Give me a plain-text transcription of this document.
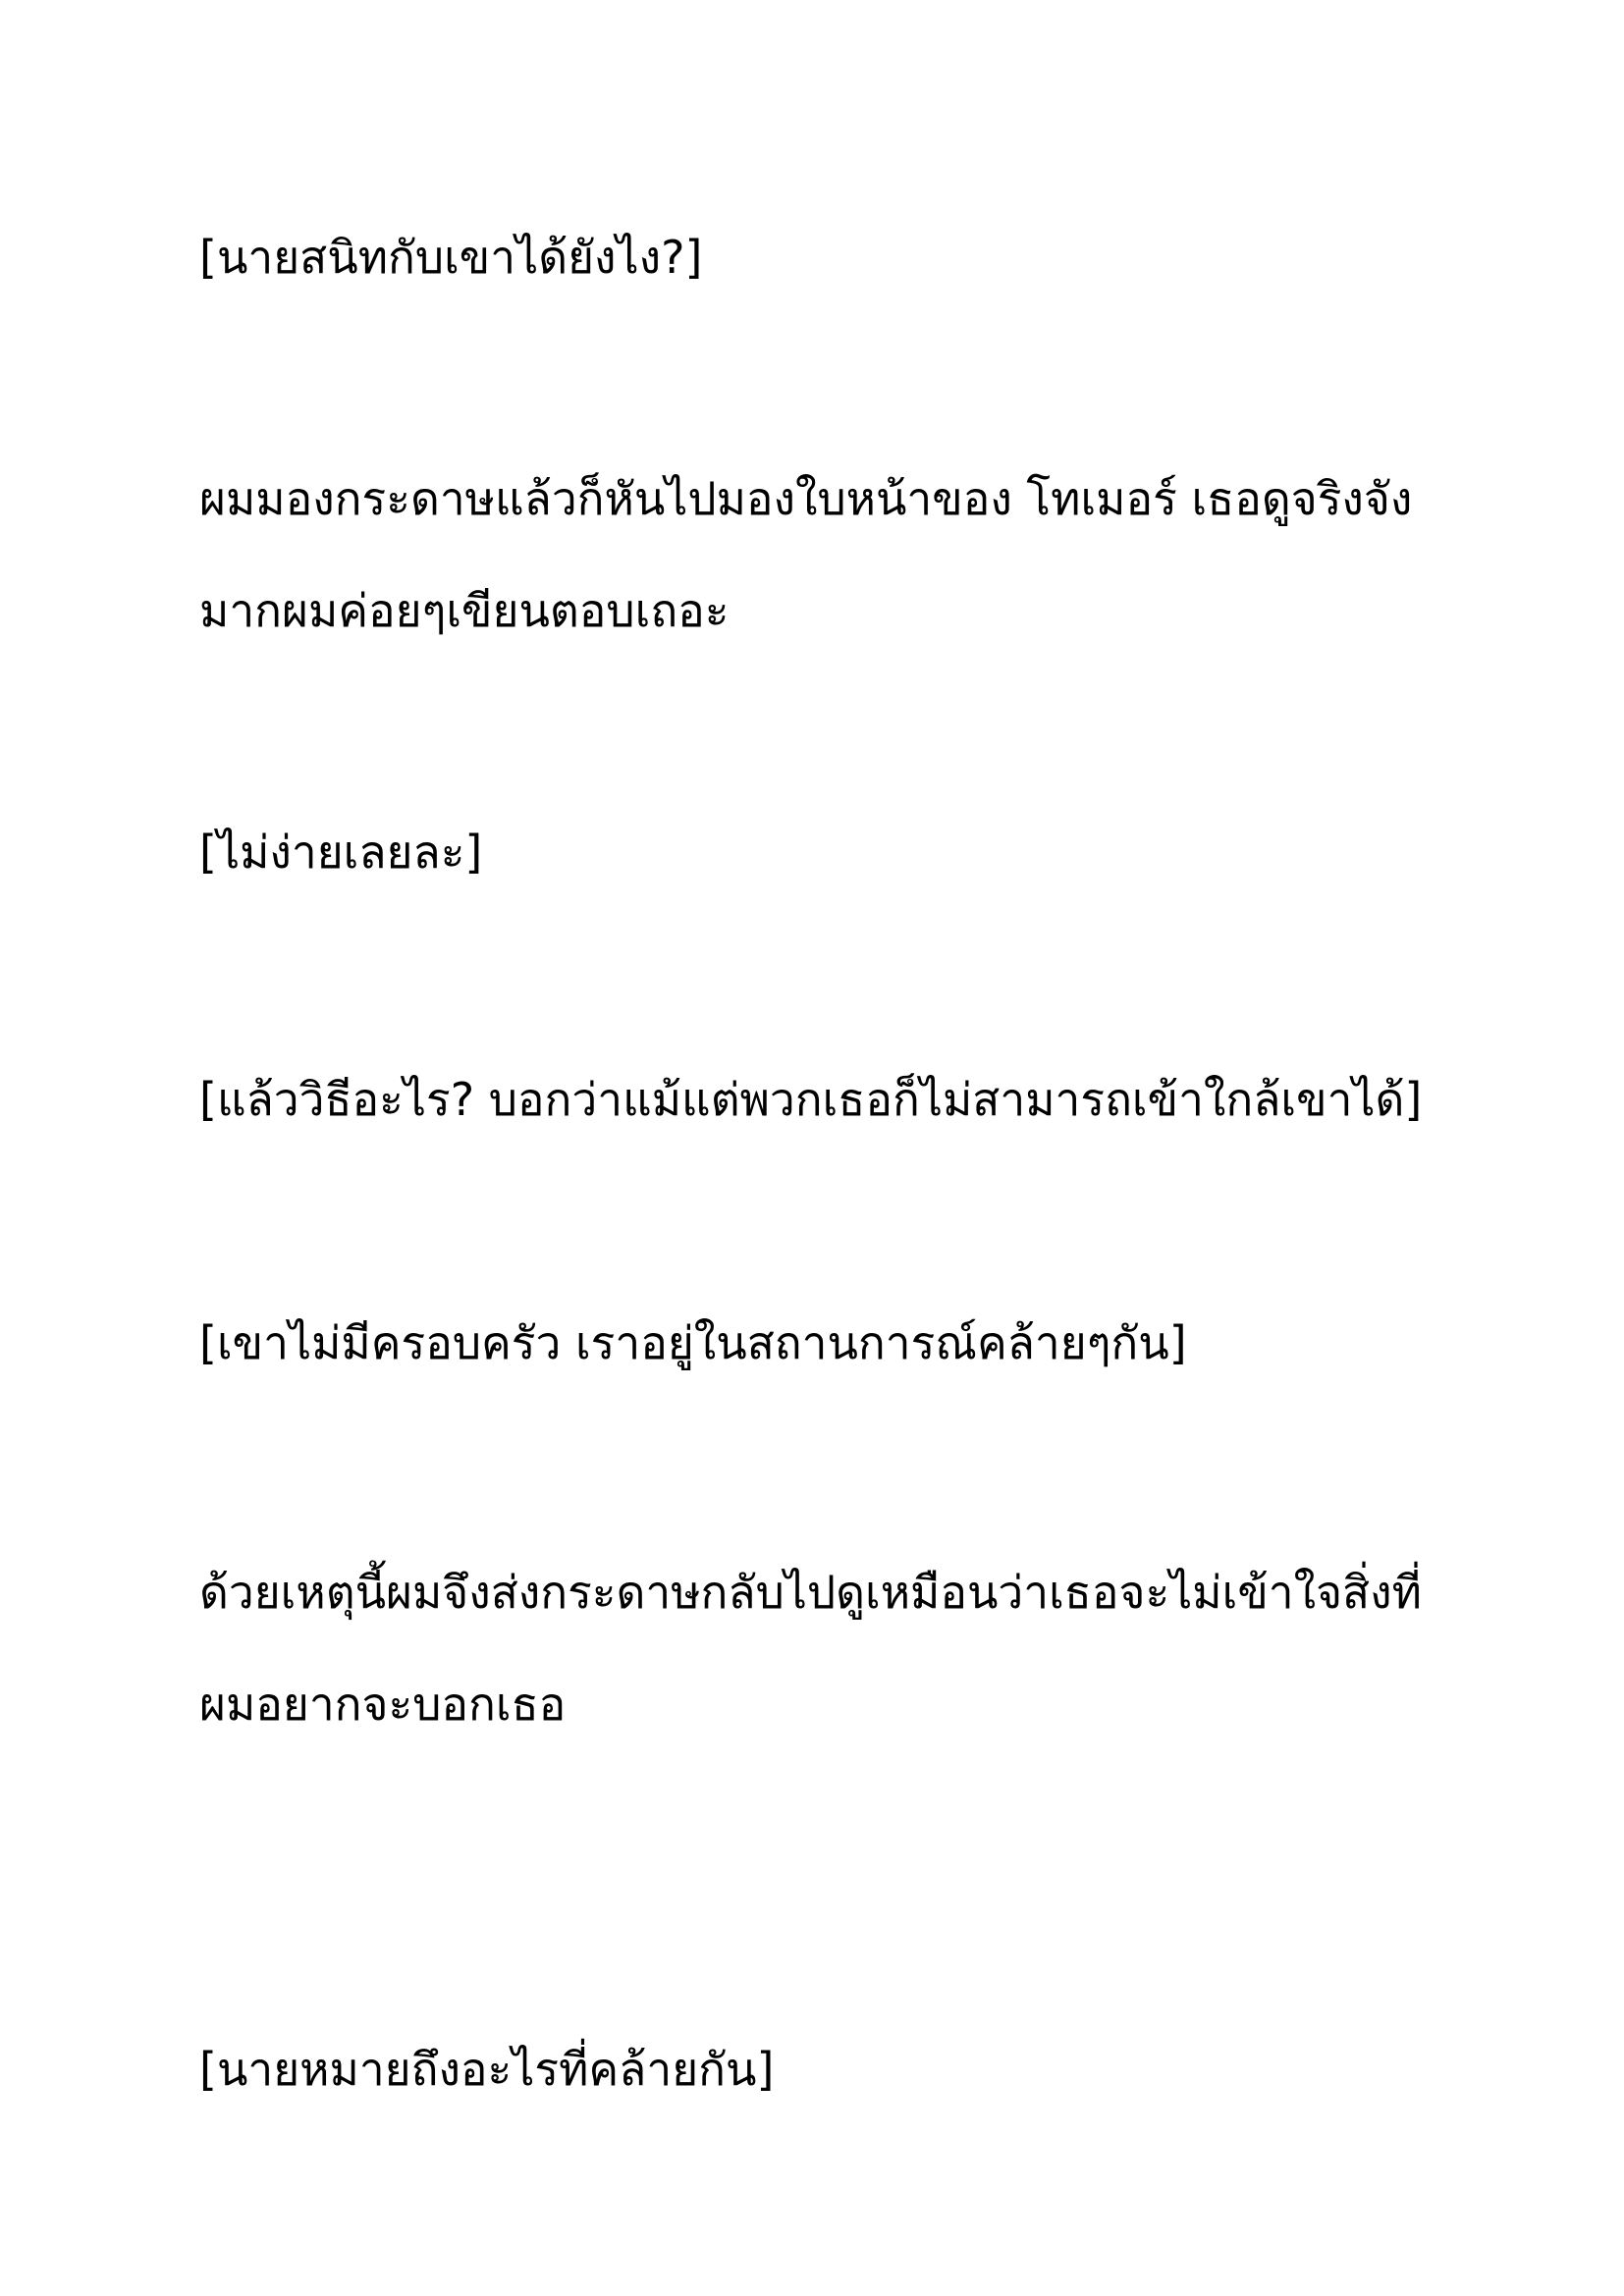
[นายสนิทกับเขาได้ยังไง?]

ผมมองกระดาษแล้วก็หันไปมองใบหน้าของ โทเมอร์ เธอดูจริงจัง

มากผมค่อยๆเขียนตอบเถอะ

[ไม่ง่ายเลยละ]

[แล้ววิธีอะไร? บอกว่าแม้แต่พวกเธอก็ไม่สามารถเข้าใกล้เขาได้]

[เขาไม่มีครอบครัว เราอยู่ในสถานการณ์คล้ายๆกัน]

ด้วยเหตุนี้ผมจึงส่งกระดาษกลับไปดูเหมือนว่าเธอจะไม่เข้าใจสิ่งที่

ผมอยากจะบอกเธอ

[นายหมายถึงอะไรที่คล้ายกัน]
